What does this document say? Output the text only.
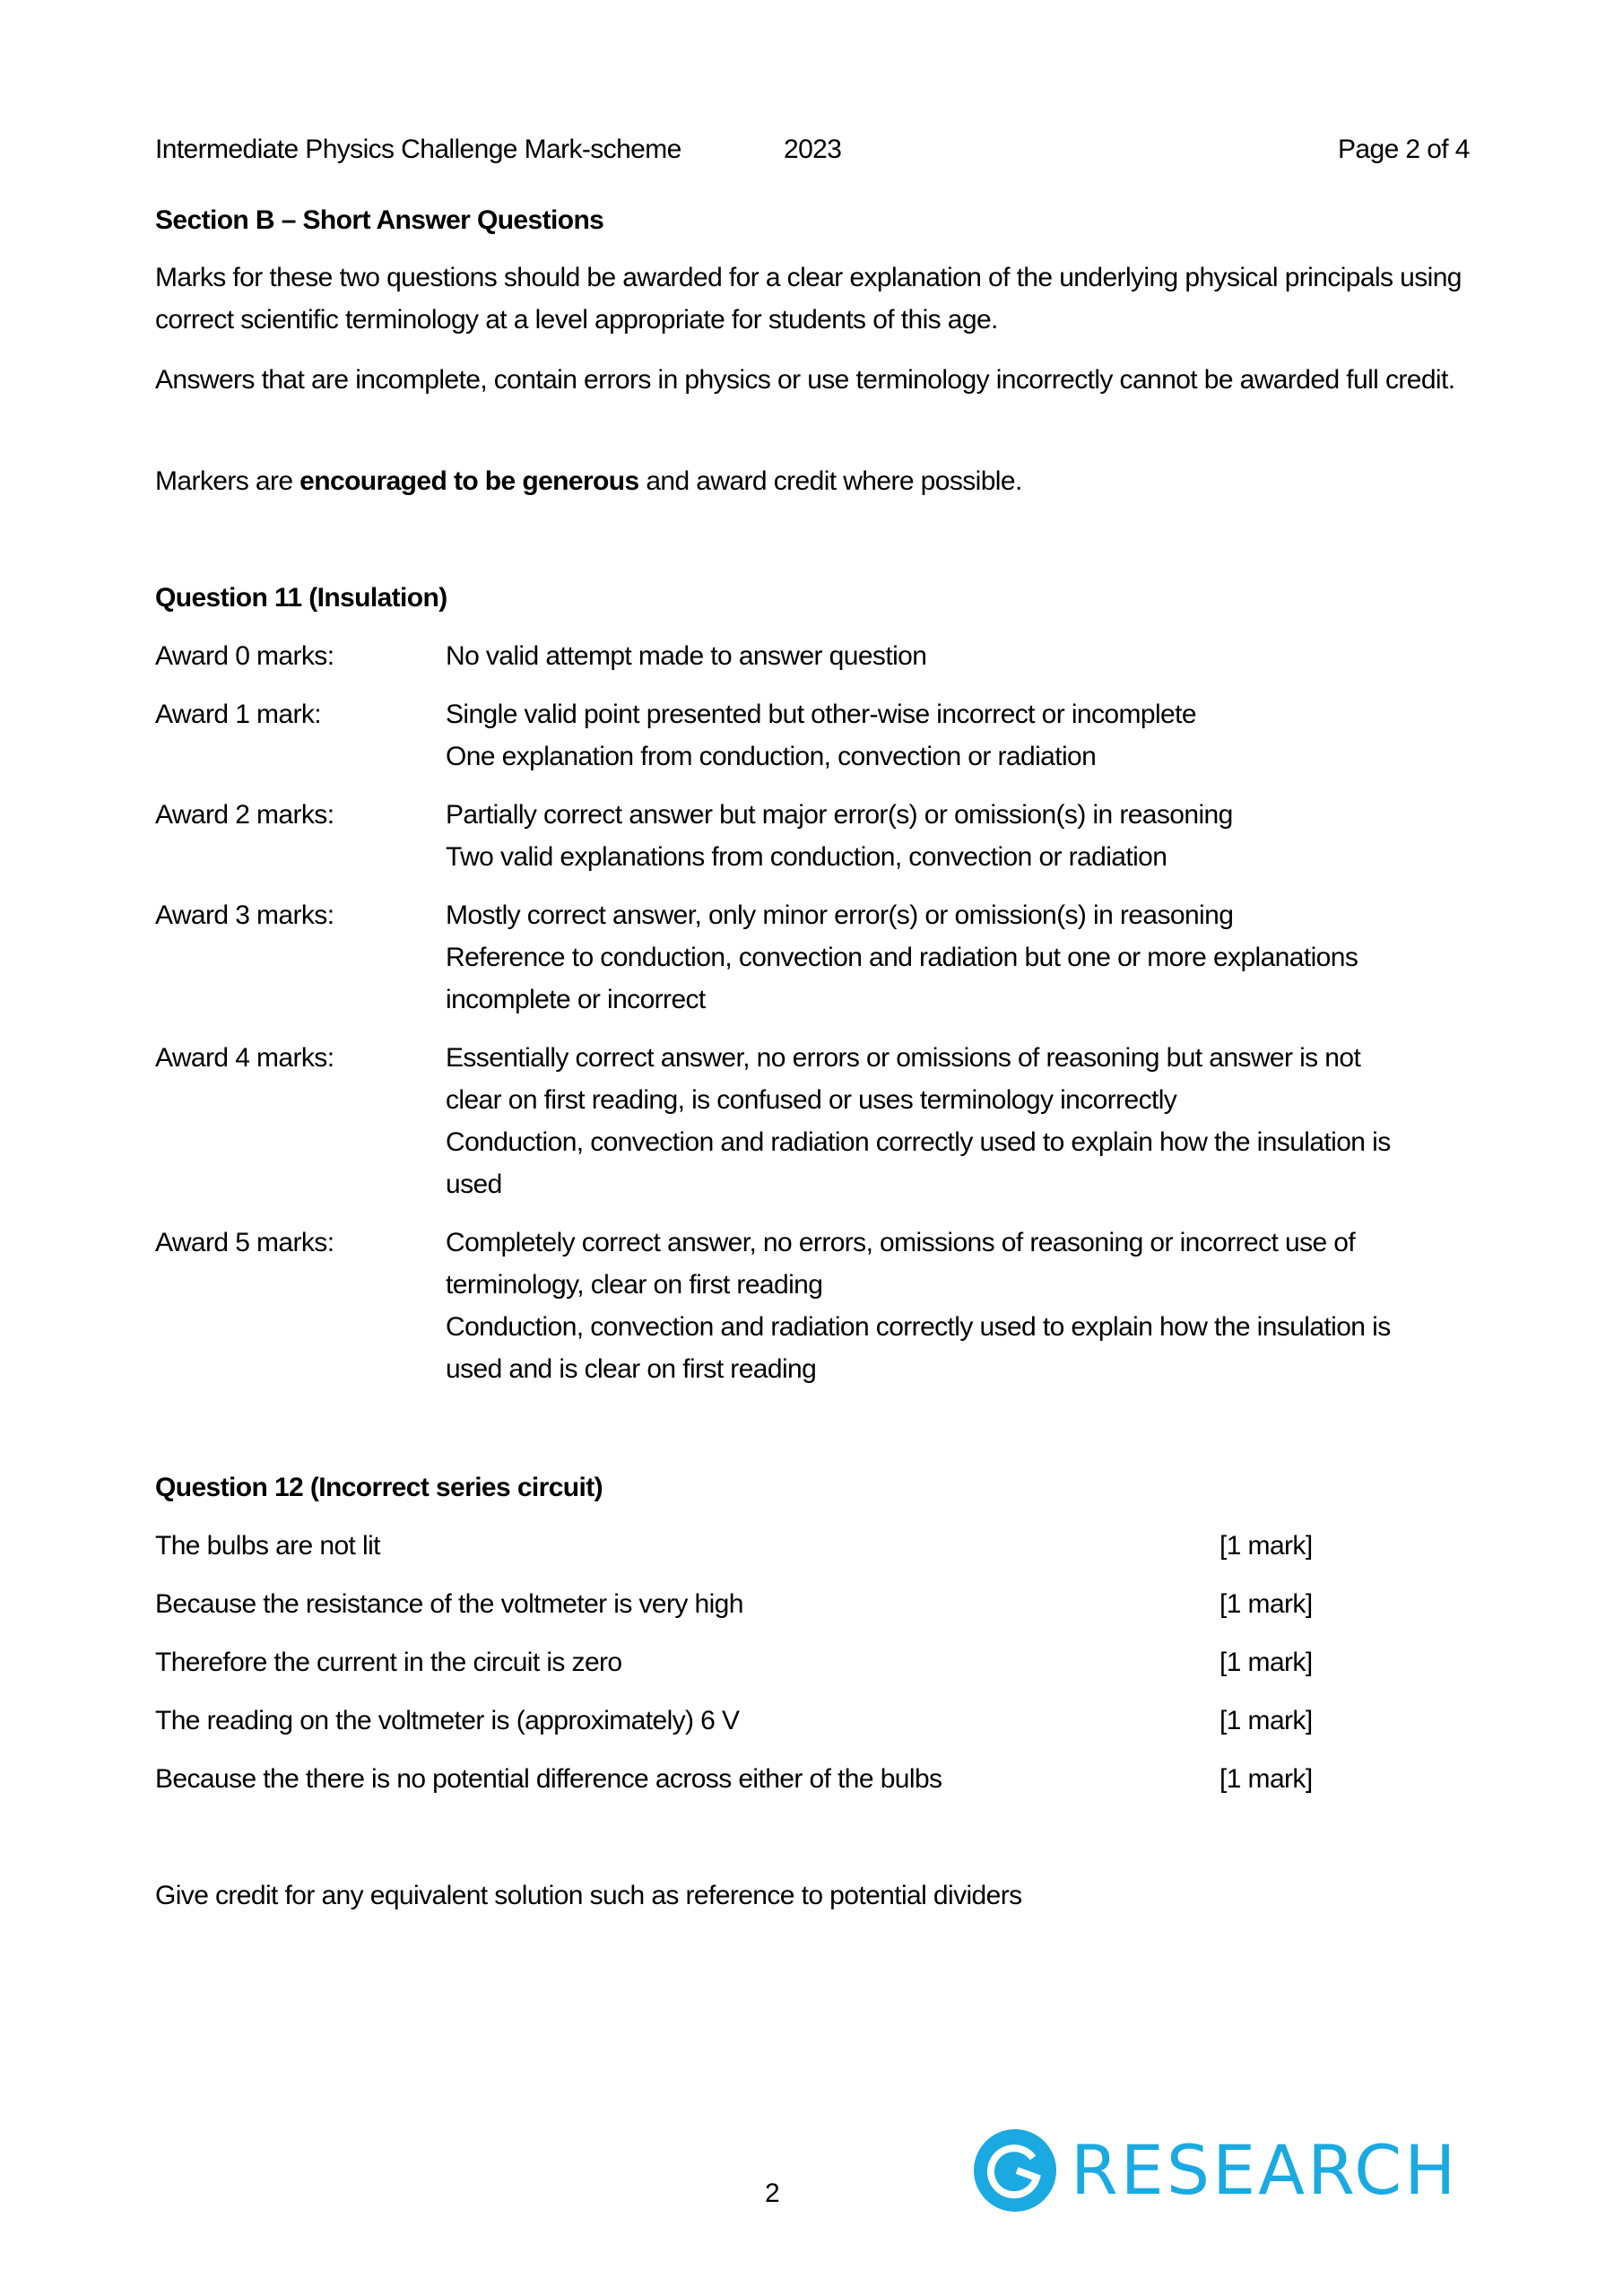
Intermediate Physics Challenge Mark-scheme	2023	Page 2 of 4
Section B – Short Answer Questions
Marks for these two questions should be awarded for a clear explanation of the underlying physical principals using correct scientific terminology at a level appropriate for students of this age.
Answers that are incomplete, contain errors in physics or use terminology incorrectly cannot be awarded full credit.
Markers are encouraged to be generous and award credit where possible.
Question 11 (Insulation)
Award 0 marks:	No valid attempt made to answer question
Award 1 mark:	Single valid point presented but other-wise incorrect or incomplete
One explanation from conduction, convection or radiation
Award 2 marks:	Partially correct answer but major error(s) or omission(s) in reasoning
Two valid explanations from conduction, convection or radiation
Award 3 marks:	Mostly correct answer, only minor error(s) or omission(s) in reasoning
Reference to conduction, convection and radiation but one or more explanations
incomplete or incorrect
Award 4 marks:	Essentially correct answer, no errors or omissions of reasoning but answer is not
clear on first reading, is confused or uses terminology incorrectly
Conduction, convection and radiation correctly used to explain how the insulation is
used
Award 5 marks:	Completely correct answer, no errors, omissions of reasoning or incorrect use of
terminology, clear on first reading
Conduction, convection and radiation correctly used to explain how the insulation is
used and is clear on first reading
Question 12 (Incorrect series circuit)
The bulbs are not lit	[1 mark]
Because the resistance of the voltmeter is very high	[1 mark]
Therefore the current in the circuit is zero	[1 mark]
The reading on the voltmeter is (approximately) 6 V	[1 mark]
Because the there is no potential difference across either of the bulbs	[1 mark]
Give credit for any equivalent solution such as reference to potential dividers
2	RESEARCH
